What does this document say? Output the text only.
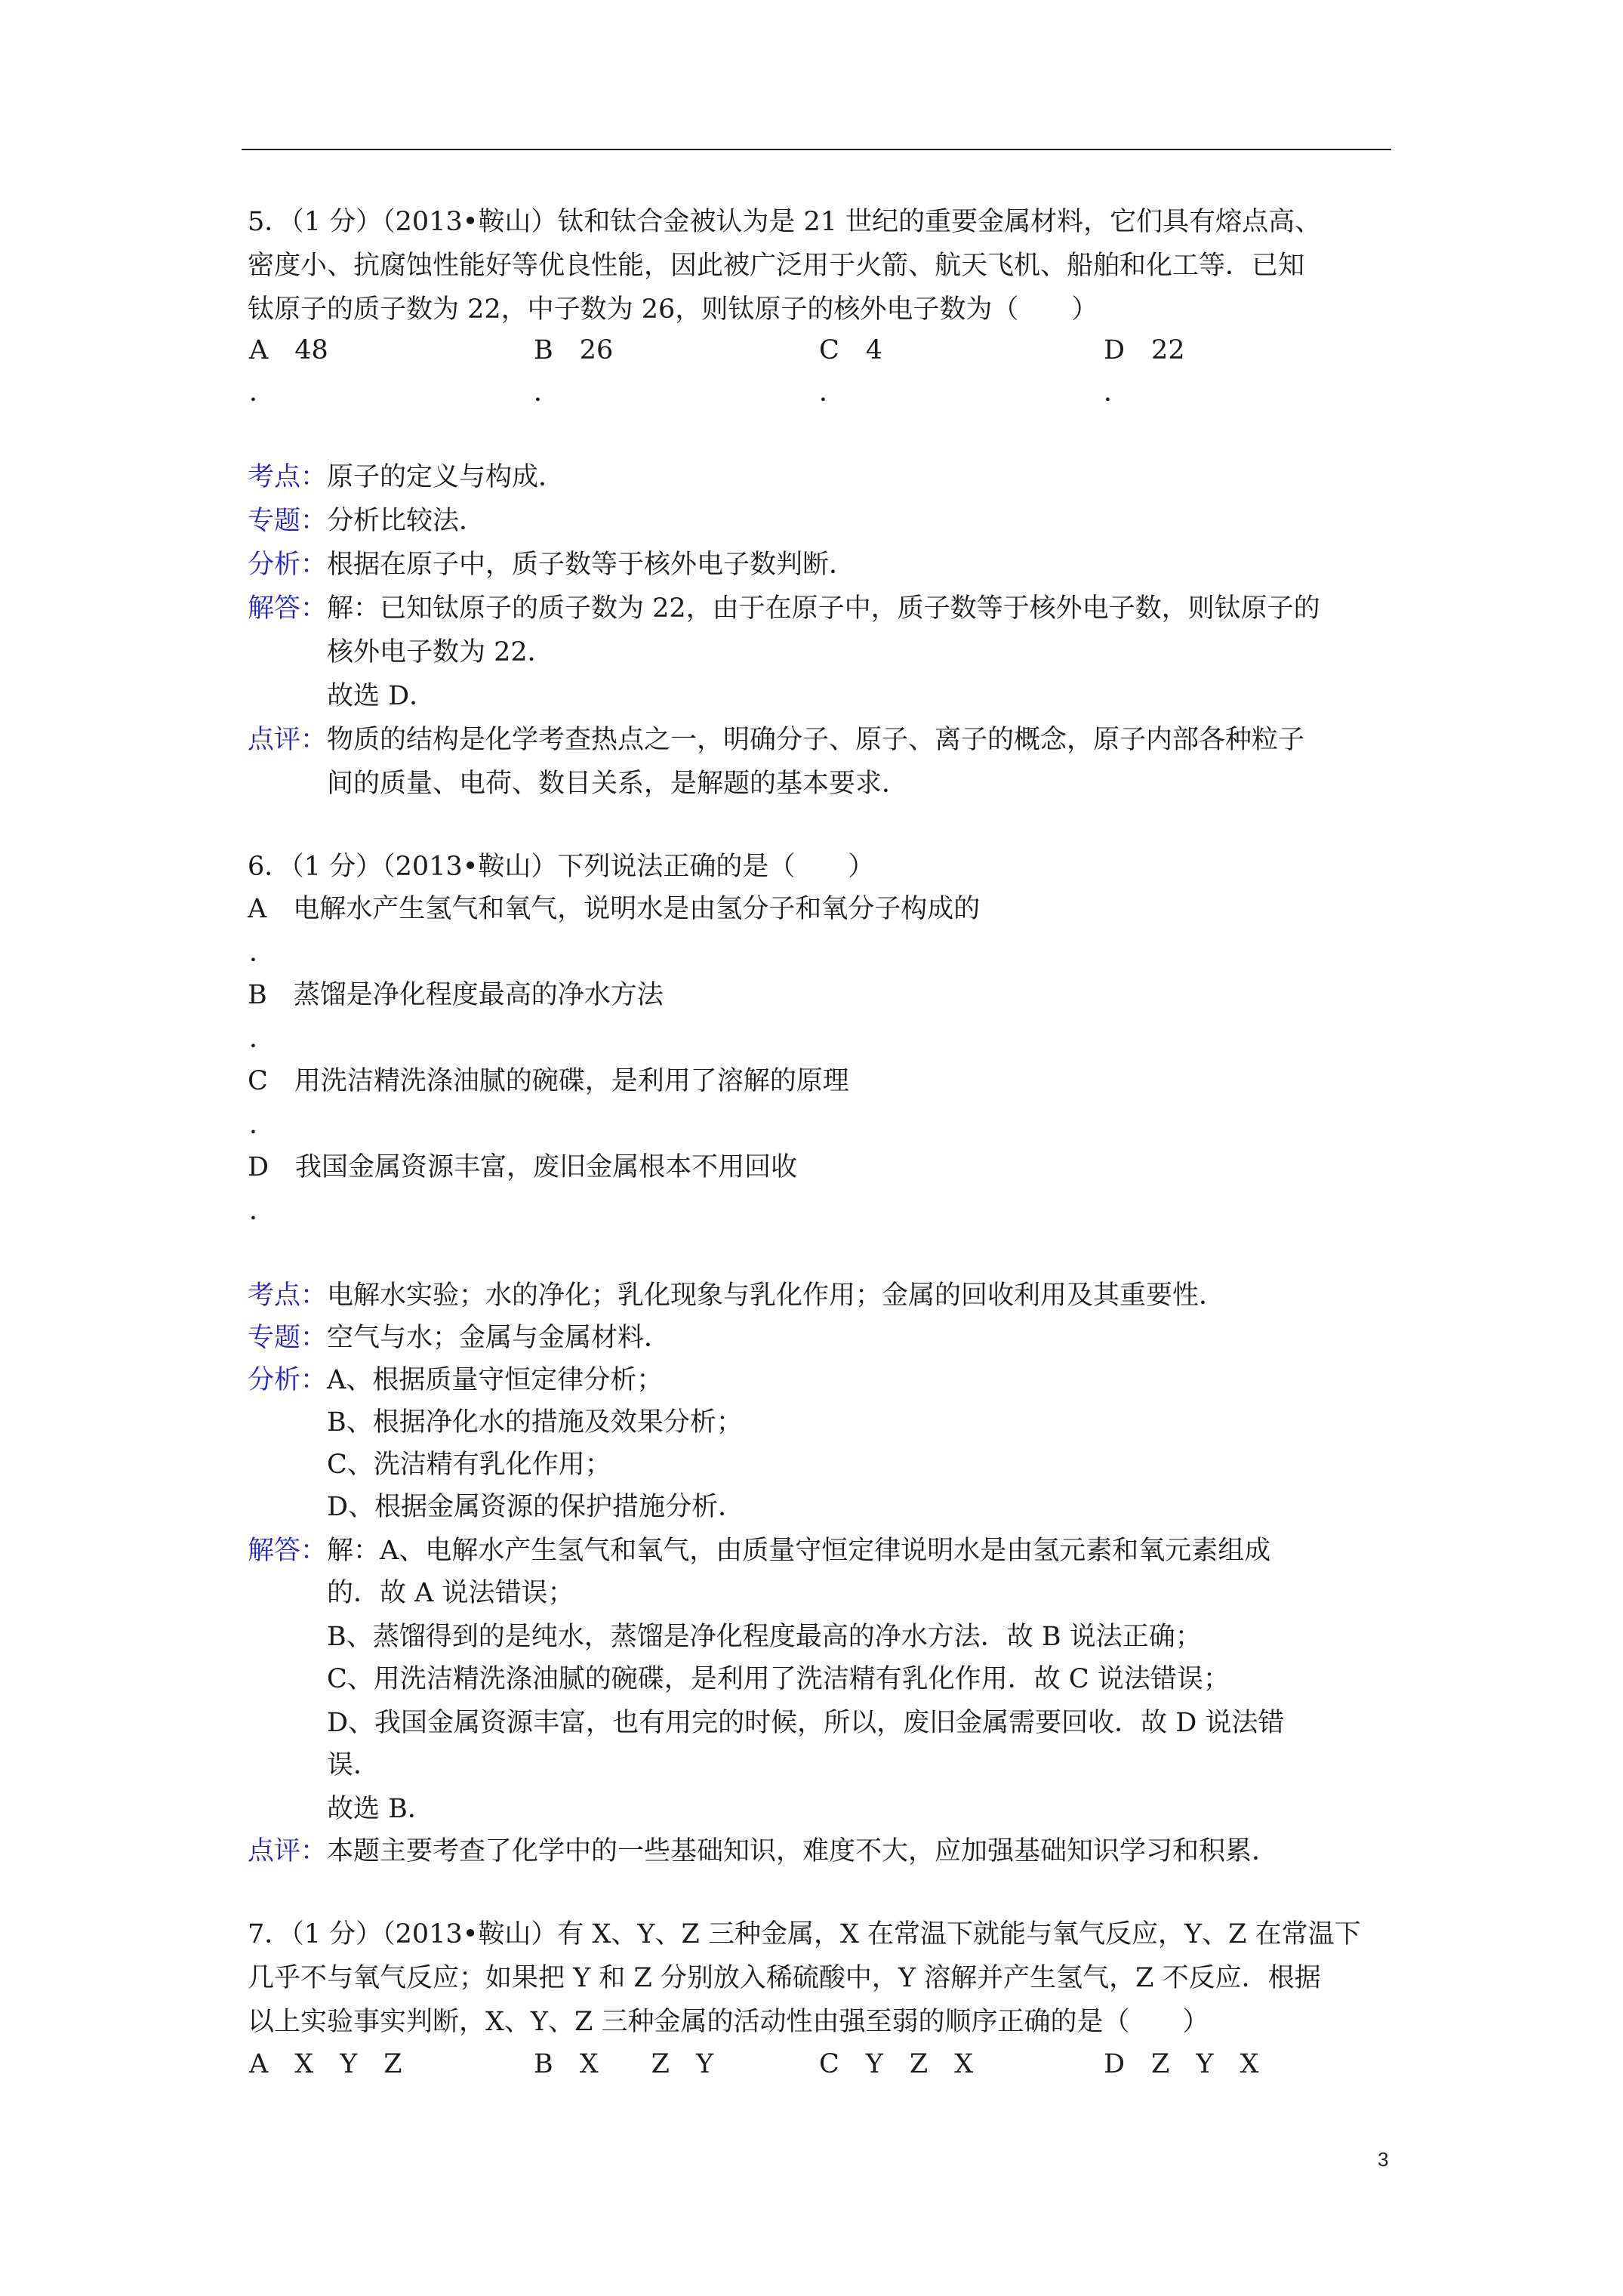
5．（1 分）（2013•鞍山）钛和钛合金被认为是 21 世纪的重要金属材料，它们具有熔点高、
密度小、抗腐蚀性能好等优良性能，因此被广泛用于火箭、航天飞机、船舶和化工等．已知
钛原子的质子数为 22，中子数为 26，则钛原子的核外电子数为（　　）
A　48	B　26	C　4	D　22
．	．	．	．
考点：原子的定义与构成．
专题：分析比较法．
分析：根据在原子中，质子数等于核外电子数判断．
解答：解：已知钛原子的质子数为 22，由于在原子中，质子数等于核外电子数，则钛原子的
核外电子数为 22．
故选 D．
点评：物质的结构是化学考查热点之一，明确分子、原子、离子的概念，原子内部各种粒子
间的质量、电荷、数目关系，是解题的基本要求．
6．（1 分）（2013•鞍山）下列说法正确的是（　　）
A　电解水产生氢气和氧气，说明水是由氢分子和氧分子构成的
．
B　蒸馏是净化程度最高的净水方法
．
C　用洗洁精洗涤油腻的碗碟，是利用了溶解的原理
．
D　我国金属资源丰富，废旧金属根本不用回收
．
考点：电解水实验；水的净化；乳化现象与乳化作用；金属的回收利用及其重要性．
专题：空气与水；金属与金属材料．
分析：A、根据质量守恒定律分析；
B、根据净化水的措施及效果分析；
C、洗洁精有乳化作用；
D、根据金属资源的保护措施分析．
解答：解：A、电解水产生氢气和氧气，由质量守恒定律说明水是由氢元素和氧元素组成
的．故 A 说法错误；
B、蒸馏得到的是纯水，蒸馏是净化程度最高的净水方法．故 B 说法正确；
C、用洗洁精洗涤油腻的碗碟，是利用了洗洁精有乳化作用．故 C 说法错误；
D、我国金属资源丰富，也有用完的时候，所以，废旧金属需要回收．故 D 说法错
误．
故选 B．
点评：本题主要考查了化学中的一些基础知识，难度不大，应加强基础知识学习和积累．
7．（1 分）（2013•鞍山）有 X、Y、Z 三种金属，X 在常温下就能与氧气反应，Y、Z 在常温下
几乎不与氧气反应；如果把 Y 和 Z 分别放入稀硫酸中，Y 溶解并产生氢气，Z 不反应．根据
以上实验事实判断，X、Y、Z 三种金属的活动性由强至弱的顺序正确的是（　　）
A　X　Y　Z	B　X　　Z　Y	C　Y　Z　X	D　Z　Y　X
3
